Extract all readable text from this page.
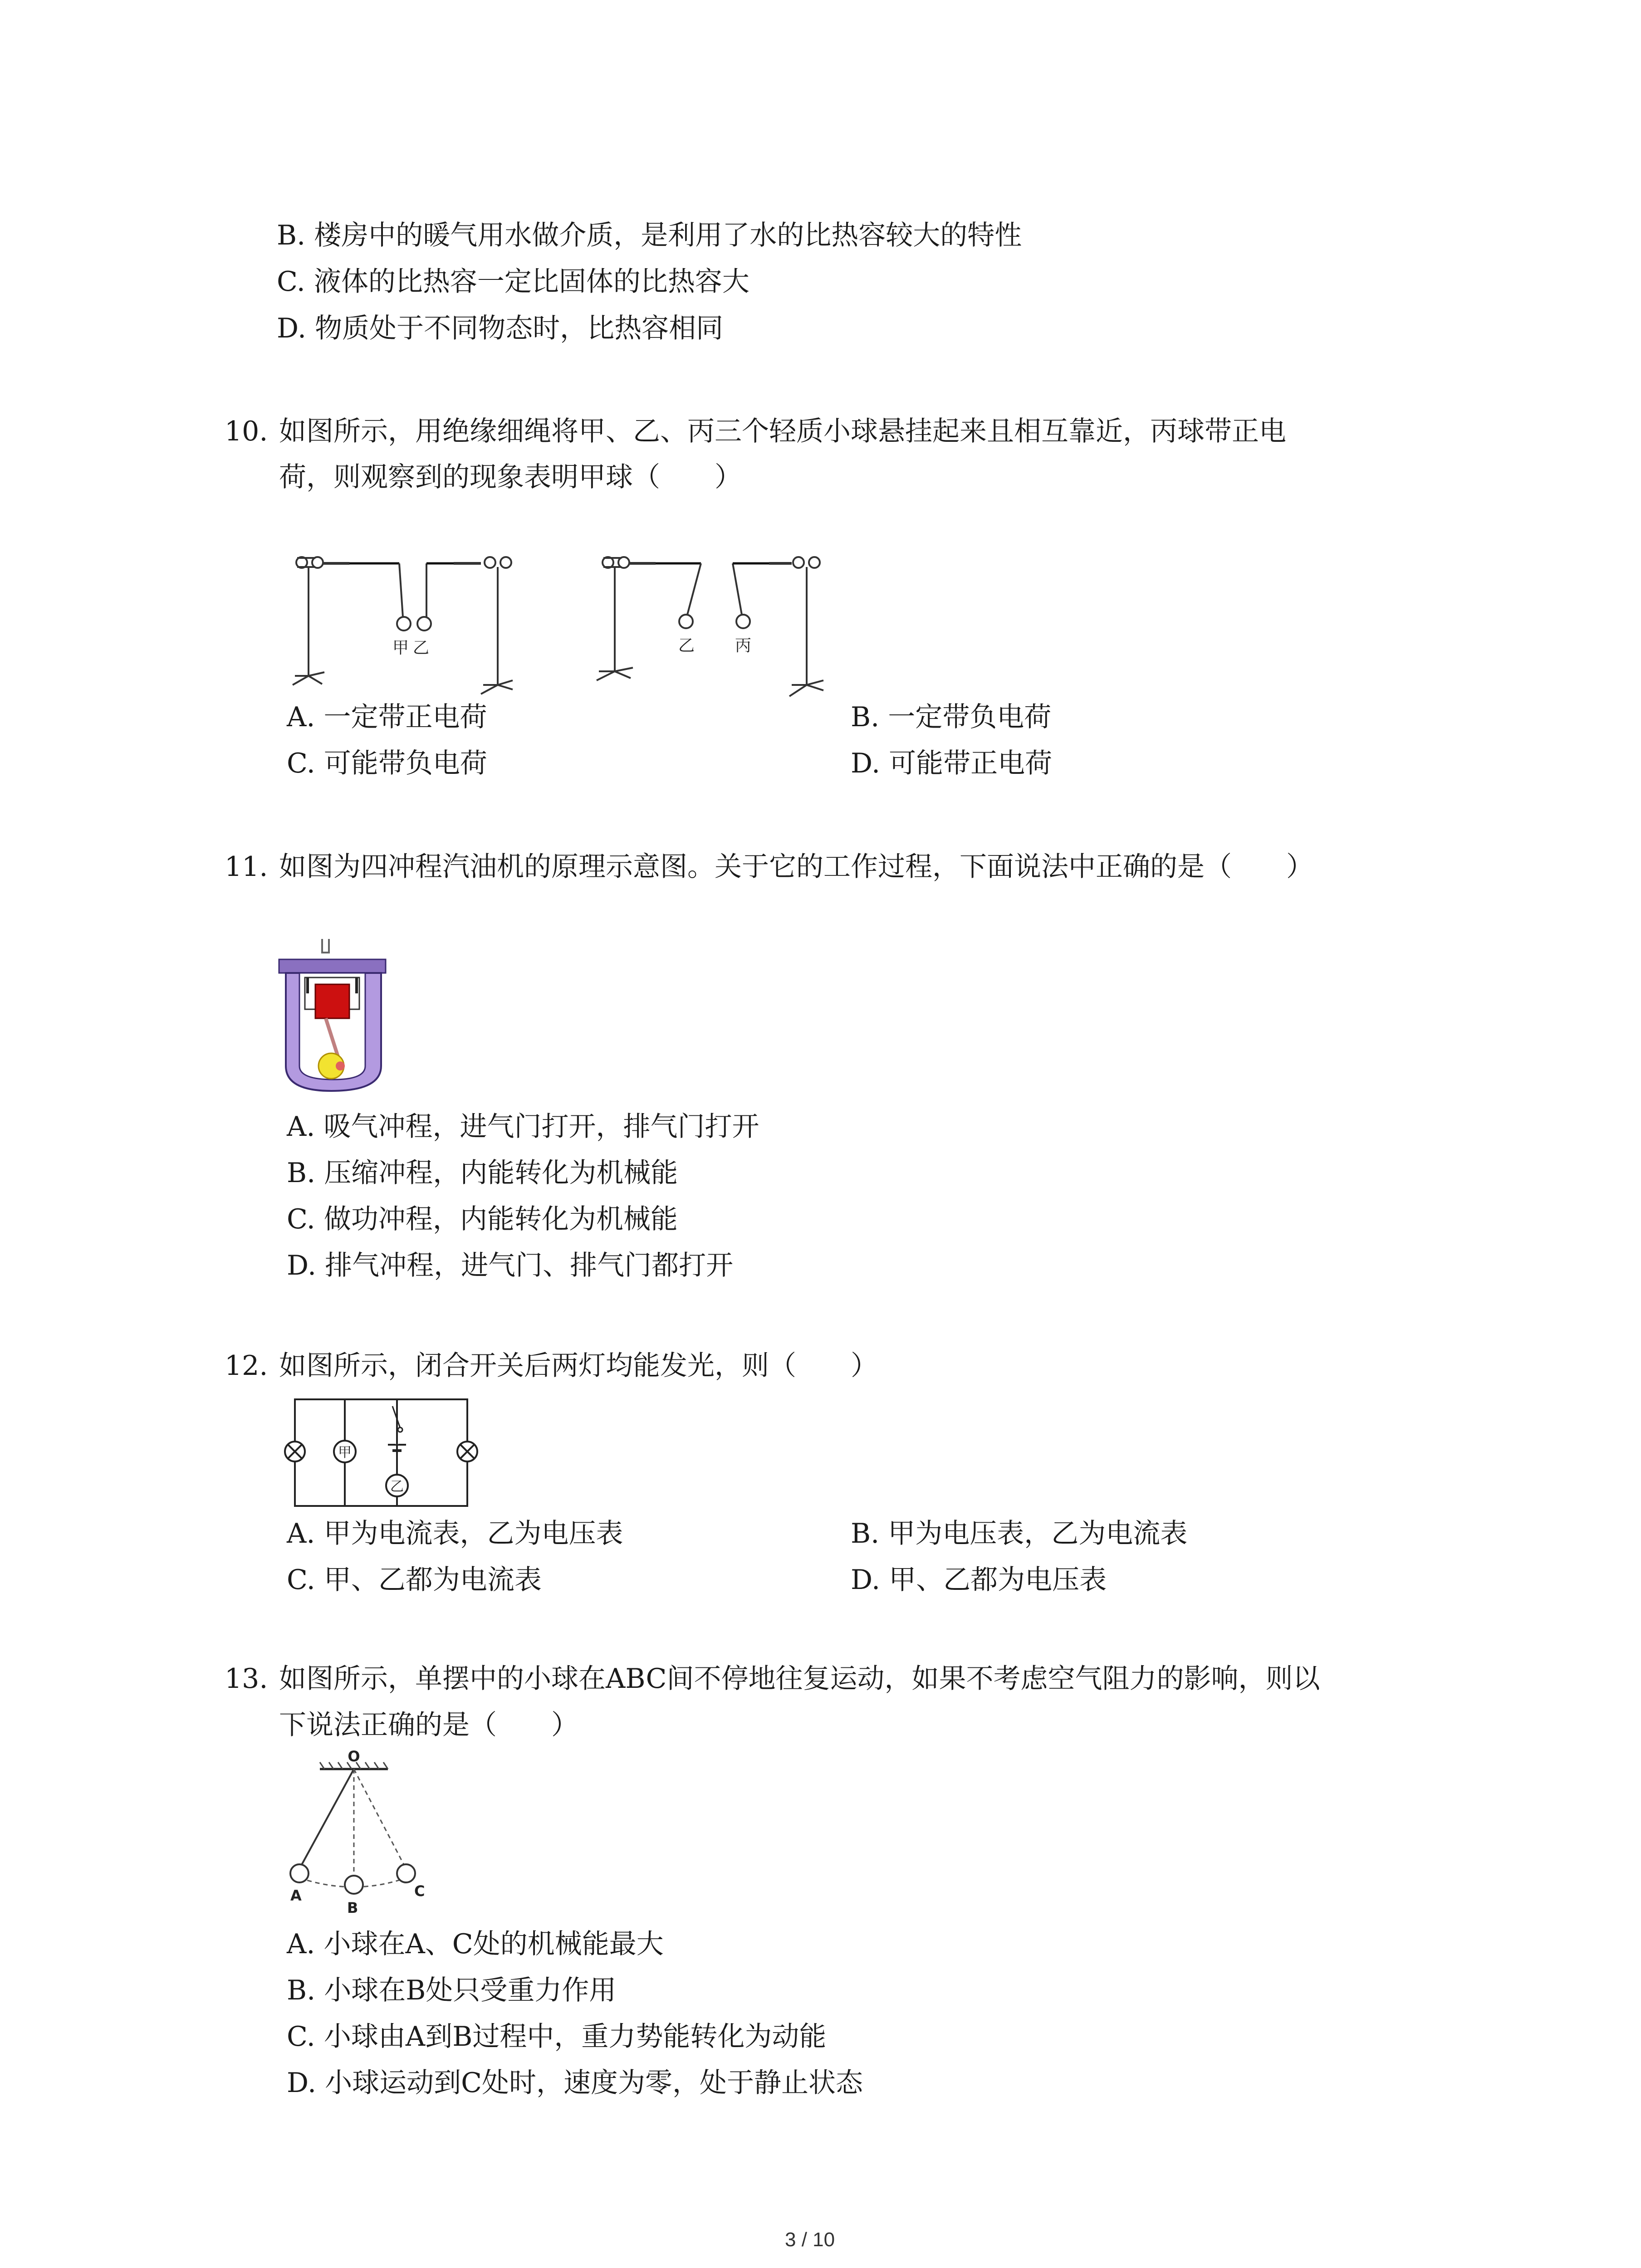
B. 楼房中的暖气用水做介质，是利用了水的比热容较大的特性
C. 液体的比热容一定比固体的比热容大
D. 物质处于不同物态时，比热容相同
10. 如图所示，用绝缘细绳将甲、乙、丙三个轻质小球悬挂起来且相互靠近，丙球带正电
荷，则观察到的现象表明甲球（　　）
甲 乙	乙 丙
A. 一定带正电荷	B. 一定带负电荷
C. 可能带负电荷	D. 可能带正电荷
11. 如图为四冲程汽油机的原理示意图。关于它的工作过程，下面说法中正确的是（　　）
A. 吸气冲程，进气门打开，排气门打开
B. 压缩冲程，内能转化为机械能
C. 做功冲程，内能转化为机械能
D. 排气冲程，进气门、排气门都打开
12. 如图所示，闭合开关后两灯均能发光，则（　　）
甲
乙
A. 甲为电流表，乙为电压表	B. 甲为电压表，乙为电流表
C. 甲、乙都为电流表	D. 甲、乙都为电压表
13. 如图所示，单摆中的小球在ABC间不停地往复运动，如果不考虑空气阻力的影响，则以
下说法正确的是（　　）
O
A
B
C
A. 小球在A、C处的机械能最大
B. 小球在B处只受重力作用
C. 小球由A到B过程中，重力势能转化为动能
D. 小球运动到C处时，速度为零，处于静止状态
3 / 10
